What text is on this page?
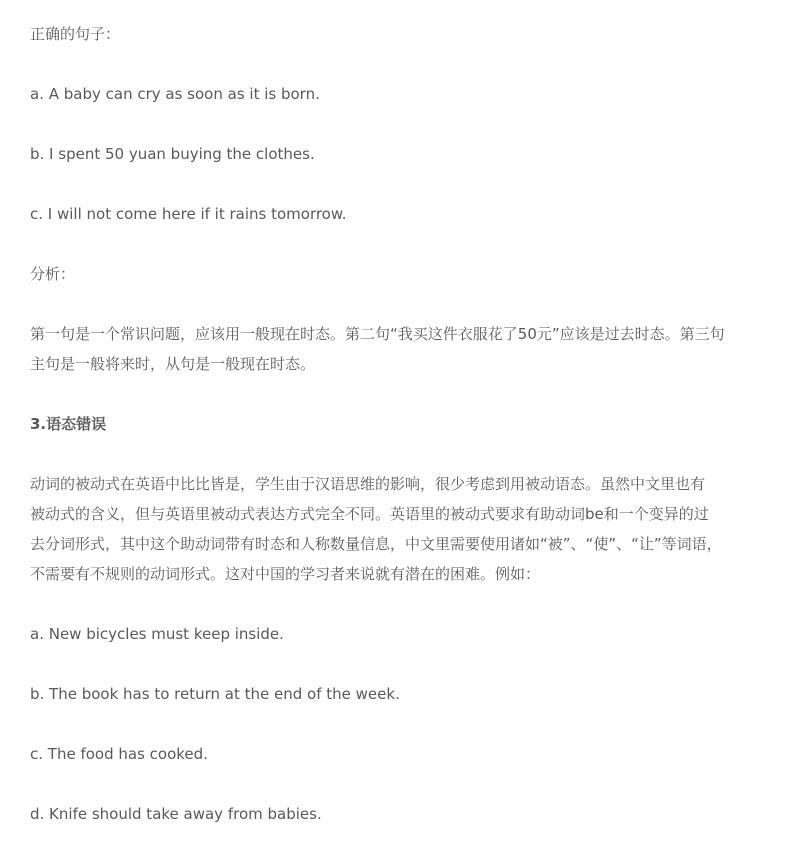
正确的句子：

a. A baby can cry as soon as it is born.

b. I spent 50 yuan buying the clothes.

c. I will not come here if it rains tomorrow.

分析：

第一句是一个常识问题，应该用一般现在时态。第二句“我买这件衣服花了50元”应该是过去时态。第三句
主句是一般将来时，从句是一般现在时态。

3.语态错误

动词的被动式在英语中比比皆是，学生由于汉语思维的影响，很少考虑到用被动语态。虽然中文里也有
被动式的含义，但与英语里被动式表达方式完全不同。英语里的被动式要求有助动词be和一个变异的过
去分词形式，其中这个助动词带有时态和人称数量信息，中文里需要使用诸如“被”、“使”、“让”等词语，
不需要有不规则的动词形式。这对中国的学习者来说就有潜在的困难。例如：

a. New bicycles must keep inside.

b. The book has to return at the end of the week.

c. The food has cooked.

d. Knife should take away from babies.
